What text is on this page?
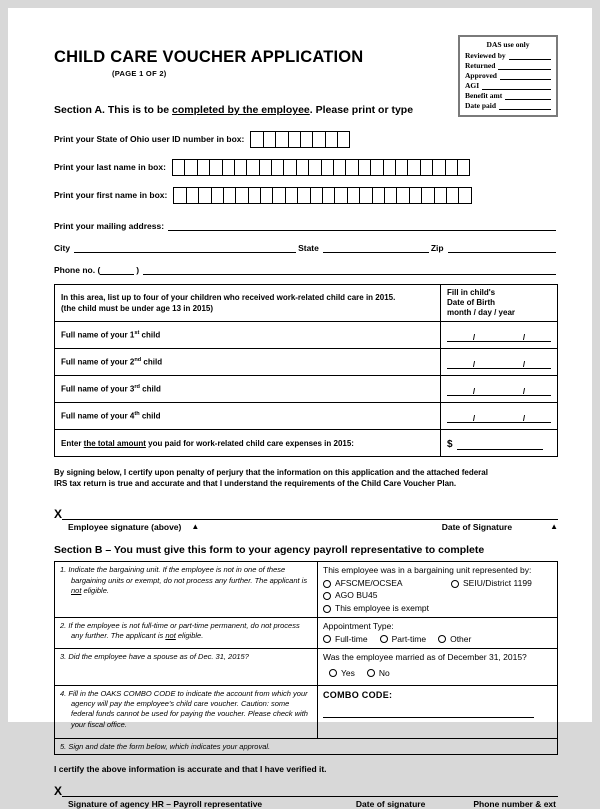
CHILD CARE VOUCHER APPLICATION
(PAGE 1 OF 2)
DAS use only
Reviewed by
Returned
Approved
AGI
Benefit amt
Date paid
Section A. This is to be completed by the employee. Please print or type
Print your State of Ohio user ID number in box:
Print your last name in box:
Print your first name in box:
Print your mailing address:
City	State	Zip
Phone no. (	)
In this area, list up to four of your children who received work-related child care in 2015.
(the child must be under age 13 in 2015)

Fill in child's
Date of Birth
month / day / year

Full name of your 1st child	/ /

Full name of your 2nd child	/ /

Full name of your 3rd child	/ /

Full name of your 4th child	/ /

Enter the total amount you paid for work-related child care expenses in 2015:	$
By signing below, I certify upon penalty of perjury that the information on this application and the attached federal
IRS tax return is true and accurate and that I understand the requirements of the Child Care Voucher Plan.
X
Employee signature (above) ▲	Date of Signature	▲
Section B – You must give this form to your agency payroll representative to complete
1. Indicate the bargaining unit. If the employee is not in one of these bargaining units or exempt, do not process any further. The applicant is not eligible.	This employee was in a bargaining unit represented by:
AFSCME/OCSEA SEIU/District 1199
AGO BU45
This employee is exempt

2. If the employee is not full-time or part-time permanent, do not process any further. The applicant is not eligible.	Appointment Type:
Full-time Part-time Other

3. Did the employee have a spouse as of Dec. 31, 2015?	Was the employee married as of December 31, 2015?
Yes No

4. Fill in the OAKS COMBO CODE to indicate the account from which your agency will pay the employee's child care voucher. Caution: some federal funds cannot be used for paying the voucher. Please check with your fiscal office.	COMBO CODE:

5. Sign and date the form below, which indicates your approval.	
I certify the above information is accurate and that I have verified it.
X
Signature of agency HR – Payroll representative	Date of signature	Phone number & ext
